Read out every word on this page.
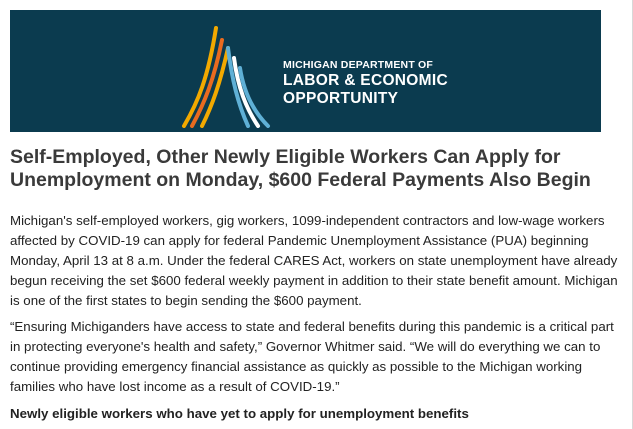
MICHIGAN DEPARTMENT OF
LABOR & ECONOMIC
OPPORTUNITY
Self-Employed, Other Newly Eligible Workers Can Apply for Unemployment on Monday, $600 Federal Payments Also Begin

Michigan's self-employed workers, gig workers, 1099-independent contractors and low-wage workers affected by COVID-19 can apply for federal Pandemic Unemployment Assistance (PUA) beginning Monday, April 13 at 8 a.m. Under the federal CARES Act, workers on state unemployment have already begun receiving the set $600 federal weekly payment in addition to their state benefit amount. Michigan is one of the first states to begin sending the $600 payment.

“Ensuring Michiganders have access to state and federal benefits during this pandemic is a critical part in protecting everyone's health and safety,” Governor Whitmer said. “We will do everything we can to continue providing emergency financial assistance as quickly as possible to the Michigan working families who have lost income as a result of COVID-19.”

Newly eligible workers who have yet to apply for unemployment benefits
